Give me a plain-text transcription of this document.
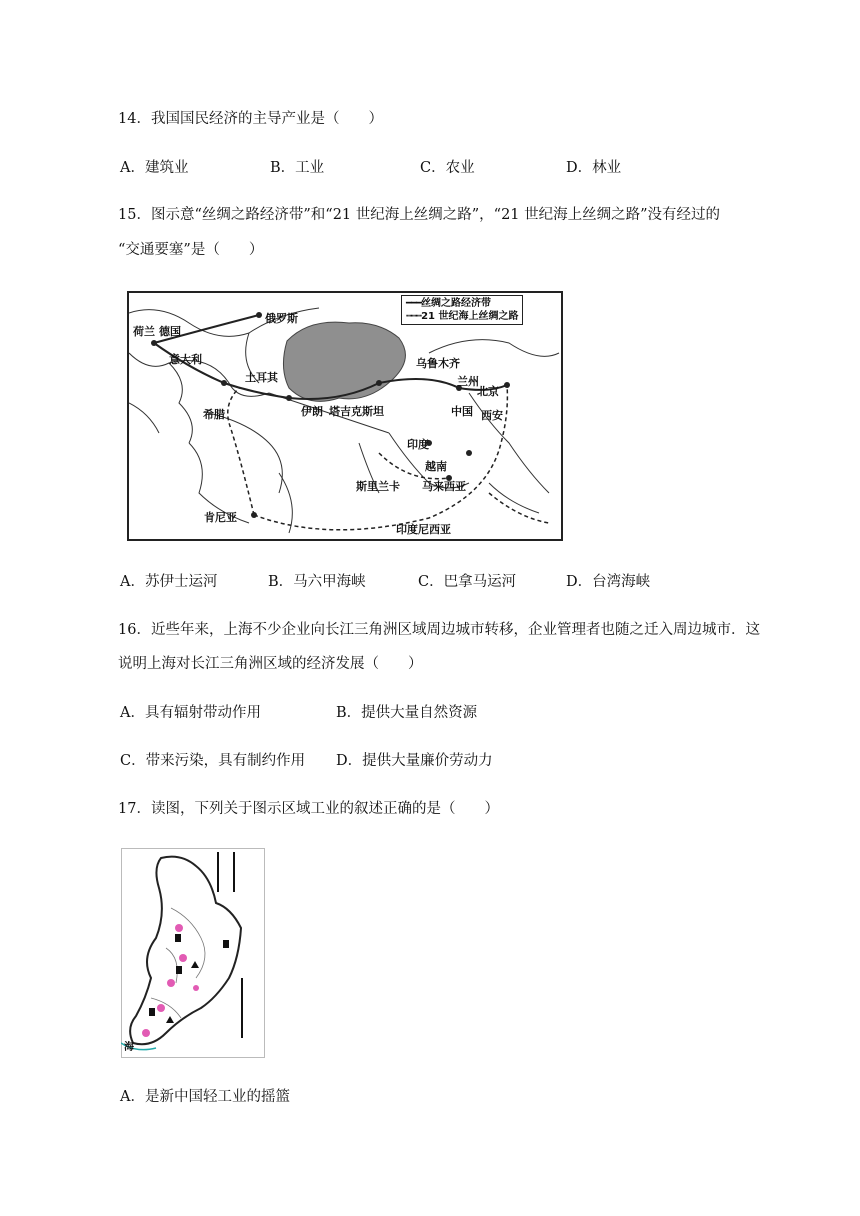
14．我国国民经济的主导产业是（　　）
A．建筑业	B．工业	C．农业	D．林业
15．图示意“丝绸之路经济带”和“21 世纪海上丝绸之路”，“21 世纪海上丝绸之路”没有经过的
“交通要塞”是（　　）
━━━丝绸之路经济带
┅┅┅21 世纪海上丝绸之路
俄罗斯
荷兰 德国
意大利
土耳其
希腊	伊朗 塔吉克斯坦
乌鲁木齐
兰州
北京
中国 西安
印度
越南
斯里兰卡 马来西亚
肯尼亚
印度尼西亚
A．苏伊士运河	B．马六甲海峡	C．巴拿马运河	D．台湾海峡
16．近些年来，上海不少企业向长江三角洲区域周边城市转移，企业管理者也随之迁入周边城市．这
说明上海对长江三角洲区域的经济发展（　　）
A．具有辐射带动作用	B．提供大量自然资源
C．带来污染，具有制约作用 D．提供大量廉价劳动力
17．读图，下列关于图示区域工业的叙述正确的是（　　）
海
A．是新中国轻工业的摇篮
